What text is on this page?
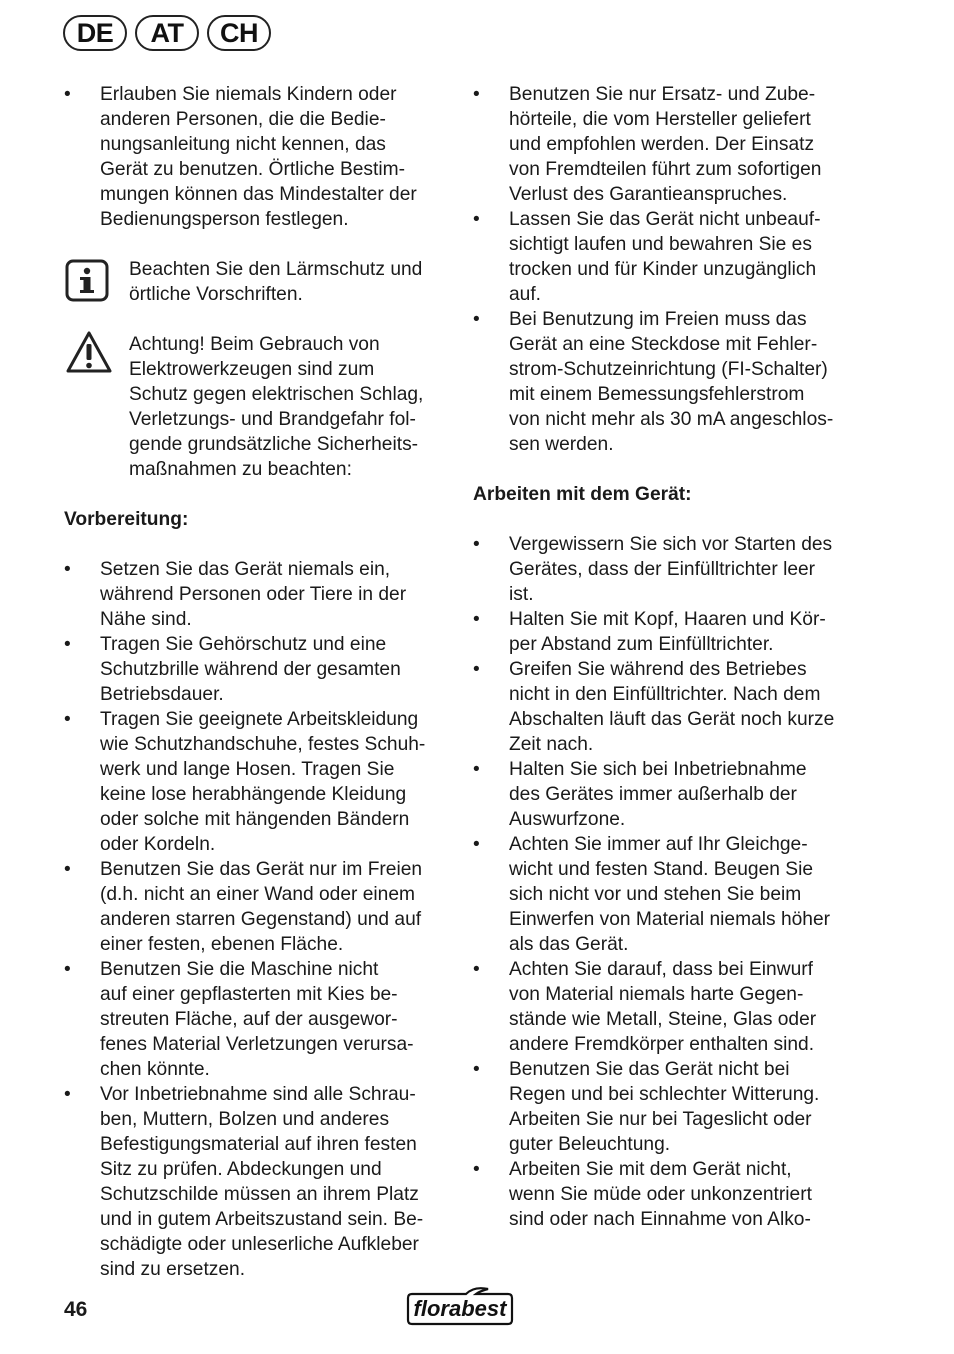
DE	AT	CH
•
Erlauben Sie niemals Kindern oder
anderen Personen, die die Bedie-
nungsanleitung nicht kennen, das
Gerät zu benutzen. Örtliche Bestim-
mungen können das Mindestalter der
Bedienungsperson festlegen.
Beachten Sie den Lärmschutz und
örtliche Vorschriften.
Achtung! Beim Gebrauch von
Elektrowerkzeugen sind zum
Schutz gegen elektrischen Schlag,
Verletzungs- und Brandgefahr fol-
gende grundsätzliche Sicherheits-
maßnahmen zu beachten:
Vorbereitung:
•
Setzen Sie das Gerät niemals ein,
während Personen oder Tiere in der
Nähe sind.
•
Tragen Sie Gehörschutz und eine
Schutzbrille während der gesamten
Betriebsdauer.
•
Tragen Sie geeignete Arbeitskleidung
wie Schutzhandschuhe, festes Schuh-
werk und lange Hosen. Tragen Sie
keine lose herabhängende Kleidung
oder solche mit hängenden Bändern
oder Kordeln.
•
Benutzen Sie das Gerät nur im Freien
(d.h. nicht an einer Wand oder einem
anderen starren Gegenstand) und auf
einer festen, ebenen Fläche.
•
Benutzen Sie die Maschine nicht
auf einer gepflasterten mit Kies be-
streuten Fläche, auf der ausgewor-
fenes Material Verletzungen verursa-
chen könnte.
•
Vor Inbetriebnahme sind alle Schrau-
ben, Muttern, Bolzen und anderes
Befestigungsmaterial auf ihren festen
Sitz zu prüfen. Abdeckungen und
Schutzschilde müssen an ihrem Platz
und in gutem Arbeitszustand sein. Be-
schädigte oder unleserliche Aufkleber
sind zu ersetzen.
•
Benutzen Sie nur Ersatz- und Zube-
hörteile, die vom Hersteller geliefert
und empfohlen werden. Der Einsatz
von Fremdteilen führt zum sofortigen
Verlust des Garantieanspruches.
•
Lassen Sie das Gerät nicht unbeauf-
sichtigt laufen und bewahren Sie es
trocken und für Kinder unzugänglich
auf.
•
Bei Benutzung im Freien muss das
Gerät an eine Steckdose mit Fehler-
strom-Schutzeinrichtung (FI-Schalter)
mit einem Bemessungsfehlerstrom
von nicht mehr als 30 mA angeschlos-
sen werden.
Arbeiten mit dem Gerät:
•
Vergewissern Sie sich vor Starten des
Gerätes, dass der Einfülltrichter leer
ist.
•
Halten Sie mit Kopf, Haaren und Kör-
per Abstand zum Einfülltrichter.
•
Greifen Sie während des Betriebes
nicht in den Einfülltrichter. Nach dem
Abschalten läuft das Gerät noch kurze
Zeit nach.
•
Halten Sie sich bei Inbetriebnahme
des Gerätes immer außerhalb der
Auswurfzone.
•
Achten Sie immer auf Ihr Gleichge-
wicht und festen Stand. Beugen Sie
sich nicht vor und stehen Sie beim
Einwerfen von Material niemals höher
als das Gerät.
•
Achten Sie darauf, dass bei Einwurf
von Material niemals harte Gegen-
stände wie Metall, Steine, Glas oder
andere Fremdkörper enthalten sind.
•
Benutzen Sie das Gerät nicht bei
Regen und bei schlechter Witterung.
Arbeiten Sie nur bei Tageslicht oder
guter Beleuchtung.
•
Arbeiten Sie mit dem Gerät nicht,
wenn Sie müde oder unkonzentriert
sind oder nach Einnahme von Alko-
46	florabest
